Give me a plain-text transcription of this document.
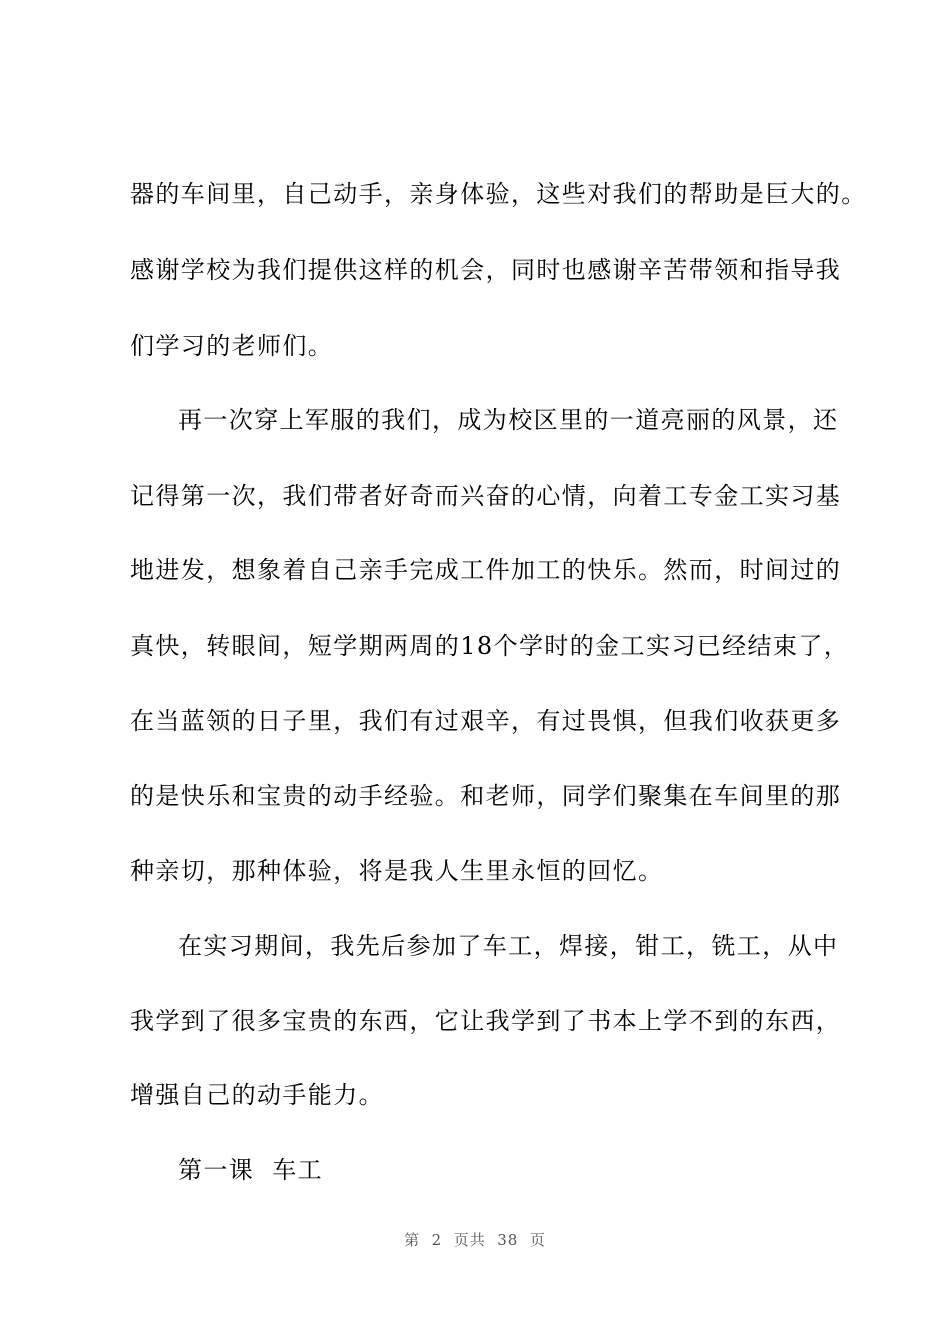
器的车间里，自己动手，亲身体验，这些对我们的帮助是巨大的。
感谢学校为我们提供这样的机会，同时也感谢辛苦带领和指导我
们学习的老师们。
再一次穿上军服的我们，成为校区里的一道亮丽的风景，还
记得第一次，我们带者好奇而兴奋的心情，向着工专金工实习基
地进发，想象着自己亲手完成工件加工的快乐。然而，时间过的
真快，转眼间，短学期两周的18个学时的金工实习已经结束了，
在当蓝领的日子里，我们有过艰辛，有过畏惧，但我们收获更多
的是快乐和宝贵的动手经验。和老师，同学们聚集在车间里的那
种亲切，那种体验，将是我人生里永恒的回忆。
在实习期间，我先后参加了车工，焊接，钳工，铣工，从中
我学到了很多宝贵的东西，它让我学到了书本上学不到的东西，
增强自己的动手能力。
第一课  车工
第  2  页共  38  页
